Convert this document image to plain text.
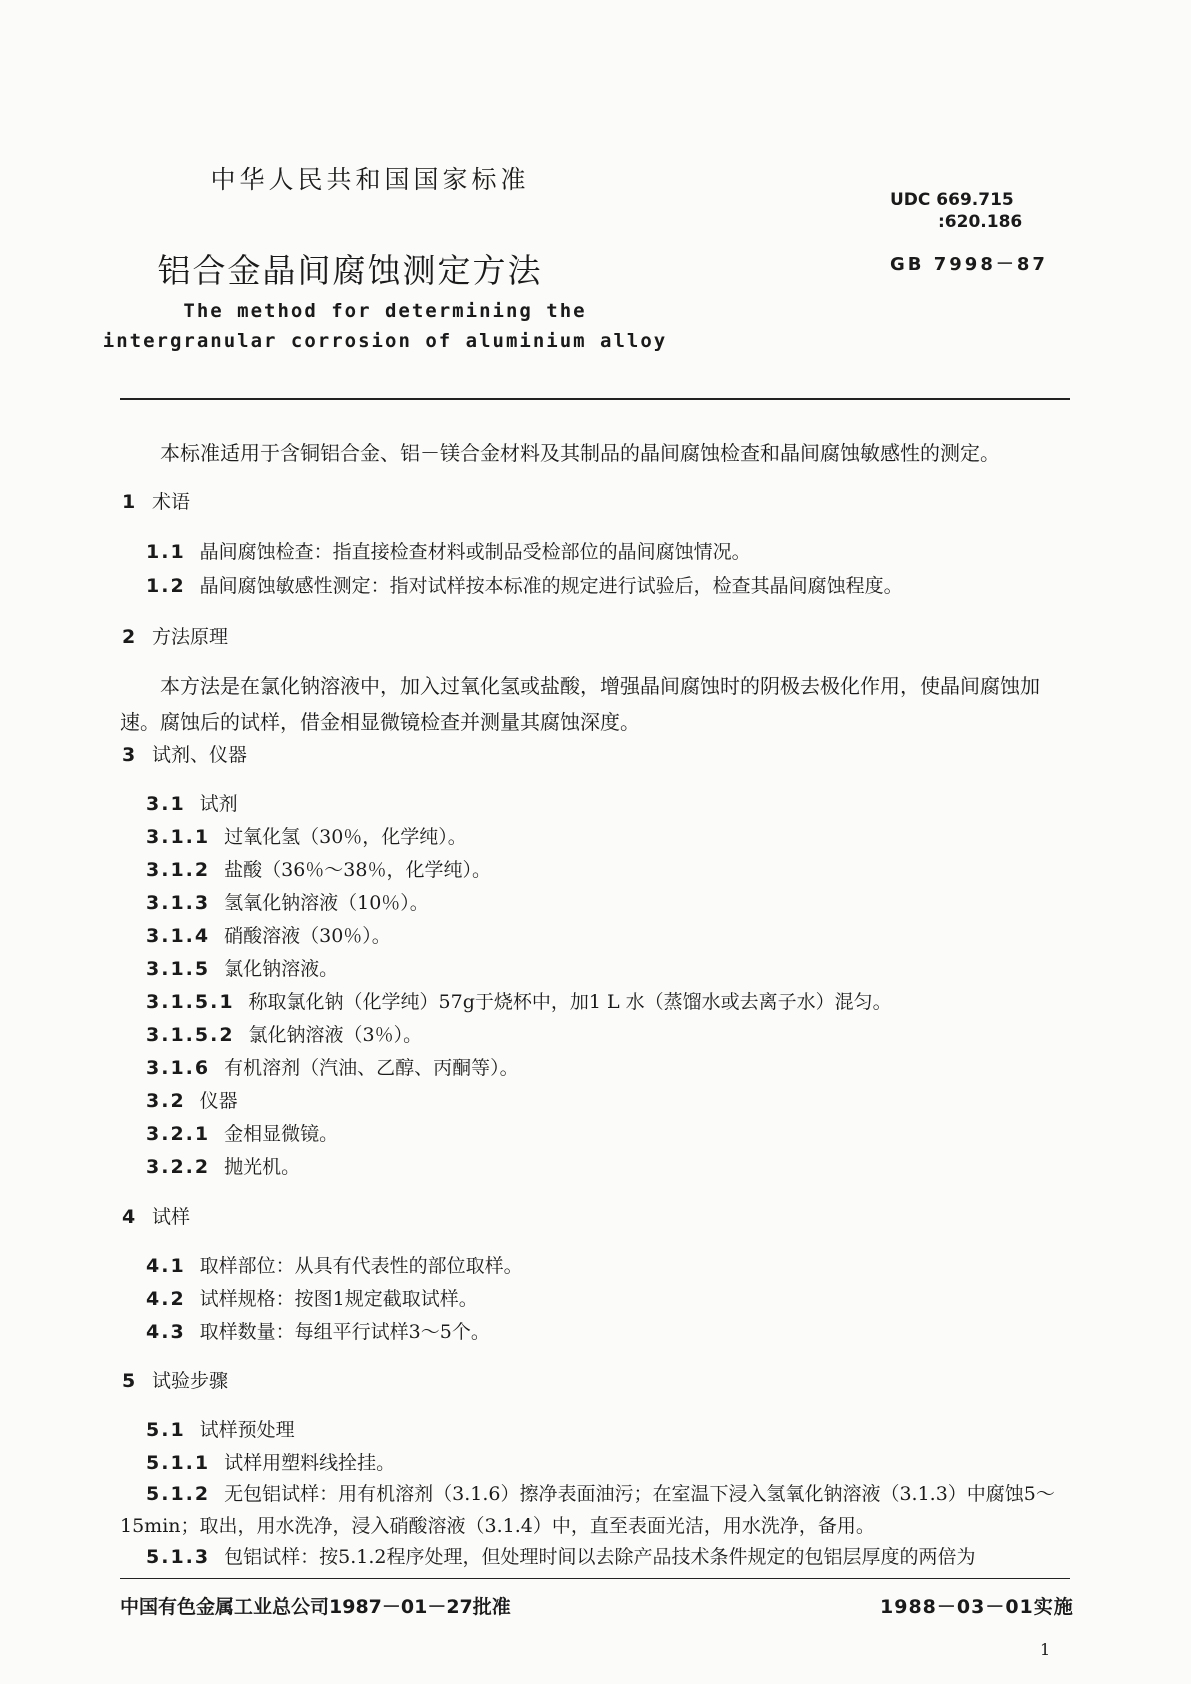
中华人民共和国国家标准
UDC 669.715
:620.186
铝合金晶间腐蚀测定方法	GB 7998－87
The method for determining the
intergranular corrosion of aluminium alloy
本标准适用于含铜铝合金、铝－镁合金材料及其制品的晶间腐蚀检查和晶间腐蚀敏感性的测定。
1 术语
1.1 晶间腐蚀检查：指直接检查材料或制品受检部位的晶间腐蚀情况。
1.2 晶间腐蚀敏感性测定：指对试样按本标准的规定进行试验后，检查其晶间腐蚀程度。
2 方法原理
本方法是在氯化钠溶液中，加入过氧化氢或盐酸，增强晶间腐蚀时的阴极去极化作用，使晶间腐蚀加速。腐蚀后的试样，借金相显微镜检查并测量其腐蚀深度。
3 试剂、仪器
3.1 试剂
3.1.1 过氧化氢（30％，化学纯）。
3.1.2 盐酸（36％～38％，化学纯）。
3.1.3 氢氧化钠溶液（10％）。
3.1.4 硝酸溶液（30％）。
3.1.5 氯化钠溶液。
3.1.5.1 称取氯化钠（化学纯）57g于烧杯中，加1 L 水（蒸馏水或去离子水）混匀。
3.1.5.2 氯化钠溶液（3％）。
3.1.6 有机溶剂（汽油、乙醇、丙酮等）。
3.2 仪器
3.2.1 金相显微镜。
3.2.2 抛光机。
4 试样
4.1 取样部位：从具有代表性的部位取样。
4.2 试样规格：按图1规定截取试样。
4.3 取样数量：每组平行试样3～5个。
5 试验步骤
5.1 试样预处理
5.1.1 试样用塑料线拴挂。
5.1.2 无包铝试样：用有机溶剂（3.1.6）擦净表面油污；在室温下浸入氢氧化钠溶液（3.1.3）中腐蚀5～15min；取出，用水洗净，浸入硝酸溶液（3.1.4）中，直至表面光洁，用水洗净，备用。
5.1.3 包铝试样：按5.1.2程序处理，但处理时间以去除产品技术条件规定的包铝层厚度的两倍为
中国有色金属工业总公司1987－01－27批准	1988－03－01实施
1
